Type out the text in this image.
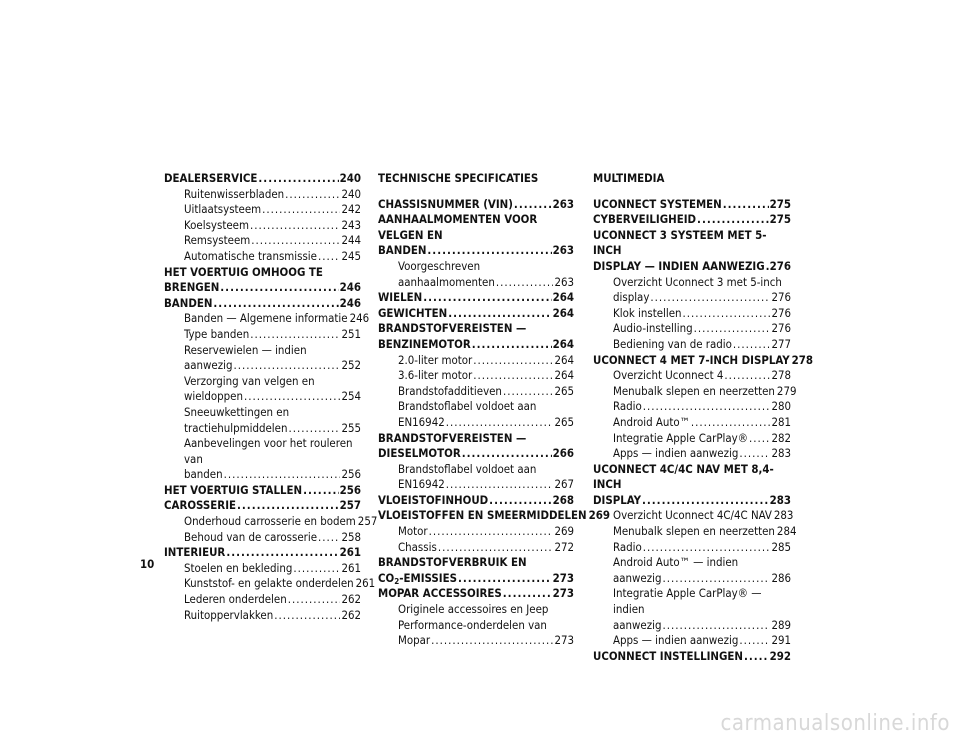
DEALERSERVICE .....	240
Ruitenwisserbladen .....	240
Uitlaatsysteem .....	242
Koelsysteem .....	243
Remsysteem .....	244
Automatische transmissie ..... 245
HET VOERTUIG OMHOOG TE
BRENGEN .....	246
BANDEN .....	246
Banden — Algemene informatie 246
Type banden .....	251
Reservewielen — indien
aanwezig .....	252
Verzorging van velgen en
wieldoppen .....	254
Sneeuwkettingen en
tractiehulpmiddelen .....	255
Aanbevelingen voor het rouleren van
banden .....	256
HET VOERTUIG STALLEN .....	256
CAROSSERIE .....	257
Onderhoud carrosserie en bodem 257
Behoud van de carosserie ..... 258
INTERIEUR .....	261
Stoelen en bekleding .....	261
Kunststof- en gelakte onderdelen 261
Lederen onderdelen .....	262
Ruitoppervlakken .....	262
TECHNISCHE SPECIFICATIES
CHASSISNUMMER (VIN) .....	263
AANHAALMOMENTEN VOOR VELGEN EN
BANDEN .....	263
Voorgeschreven
aanhaalmomenten .....	263
WIELEN .....	264
GEWICHTEN .....	264
BRANDSTOFVEREISTEN —
BENZINEMOTOR .....	264
2.0-liter motor .....	264
3.6-liter motor .....	264
Brandstofadditieven .....	265
Brandstoflabel voldoet aan
EN16942 .....	265
BRANDSTOFVEREISTEN —
DIESELMOTOR .....	266
Brandstoflabel voldoet aan
EN16942 .....	267
VLOEISTOFINHOUD .....	268
VLOEISTOFFEN EN SMEERMIDDELEN 269
Motor .....	269
Chassis .....	272
BRANDSTOFVERBRUIK EN
$CO_2$-EMISSIES .....	273
MOPAR ACCESSOIRES .....	273
Originele accessoires en Jeep
Performance-onderdelen van
Mopar .....	273
MULTIMEDIA
UCONNECT SYSTEMEN .....	275
CYBERVEILIGHEID .....	275
UCONNECT 3 SYSTEEM MET 5-INCH
DISPLAY — INDIEN AANWEZIG ..... 276
Overzicht Uconnect 3 met 5-inch
display .....	276
Klok instellen .....	276
Audio-instelling .....	276
Bediening van de radio .....	277
UCONNECT 4 MET 7-INCH DISPLAY 278
Overzicht Uconnect 4 .....	278
Menubalk slepen en neerzetten 279
Radio .....	280
Android Auto™ .....	281
Integratie Apple CarPlay® ..... 282
Apps — indien aanwezig .....	283
UCONNECT 4C/4C NAV MET 8,4-INCH
DISPLAY .....	283
Overzicht Uconnect 4C/4C NAV 283
Menubalk slepen en neerzetten 284
Radio .....	285
Android Auto™ — indien
aanwezig .....	286
Integratie Apple CarPlay® — indien
aanwezig .....	289
Apps — indien aanwezig .....	291
UCONNECT INSTELLINGEN ..... 292
10
carmanualsonline.info
